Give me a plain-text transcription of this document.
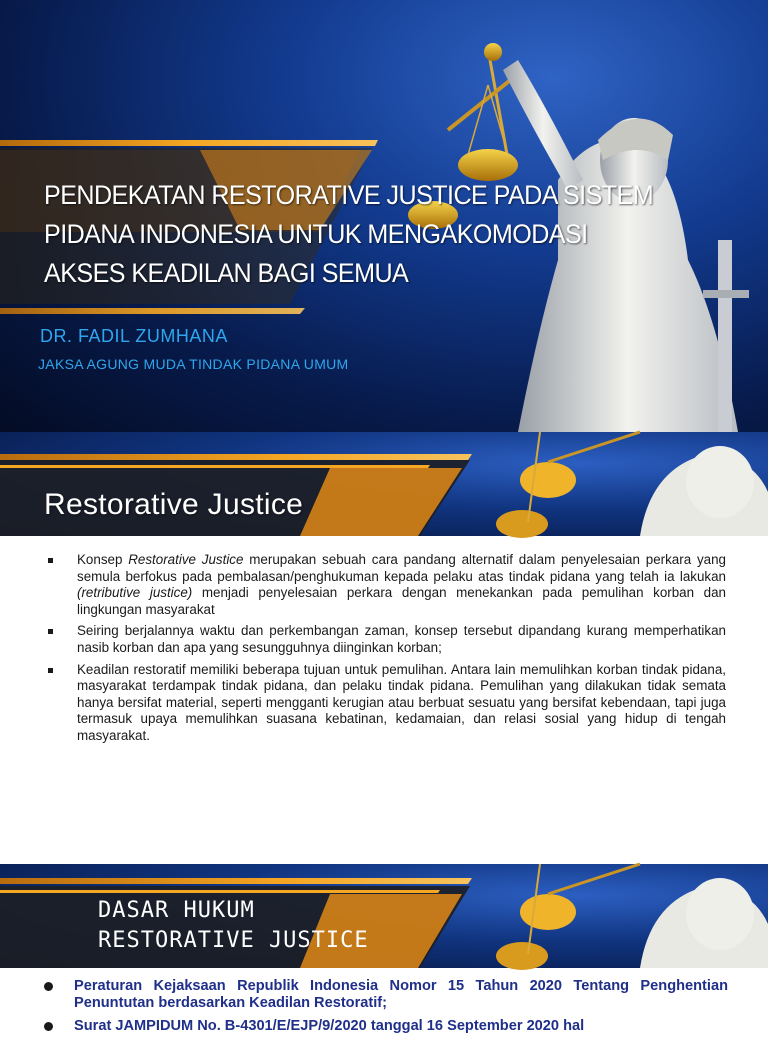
PENDEKATAN RESTORATIVE JUSTICE PADA SISTEM
PIDANA INDONESIA UNTUK MENGAKOMODASI
AKSES KEADILAN BAGI SEMUA
DR. FADIL ZUMHANA
JAKSA AGUNG MUDA TINDAK PIDANA UMUM
Restorative Justice
Konsep Restorative Justice merupakan sebuah cara pandang alternatif dalam penyelesaian perkara yang semula berfokus pada pembalasan/penghukuman kepada pelaku atas tindak pidana yang telah ia lakukan (retributive justice) menjadi penyelesaian perkara dengan menekankan pada pemulihan korban dan lingkungan masyarakat
Seiring berjalannya waktu dan perkembangan zaman, konsep tersebut dipandang kurang memperhatikan nasib korban dan apa yang sesungguhnya diinginkan korban;
Keadilan restoratif memiliki beberapa tujuan untuk pemulihan. Antara lain memulihkan korban tindak pidana, masyarakat terdampak tindak pidana, dan pelaku tindak pidana. Pemulihan yang dilakukan tidak semata hanya bersifat material, seperti mengganti kerugian atau berbuat sesuatu yang bersifat kebendaan, tapi juga termasuk upaya memulihkan suasana kebatinan, kedamaian, dan relasi sosial yang hidup di tengah masyarakat.
DASAR HUKUM
RESTORATIVE JUSTICE
Peraturan Kejaksaan Republik Indonesia Nomor 15 Tahun 2020 Tentang Penghentian Penuntutan berdasarkan Keadilan Restoratif;
Surat JAMPIDUM No. B-4301/E/EJP/9/2020 tanggal 16 September 2020 hal
